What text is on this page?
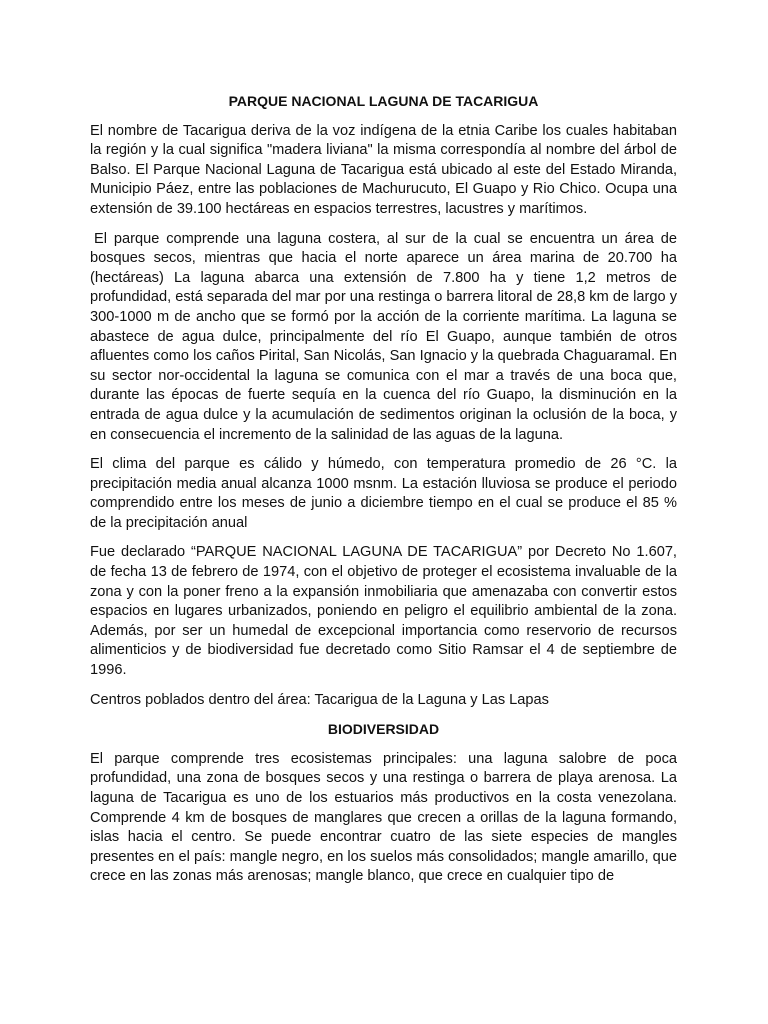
PARQUE NACIONAL LAGUNA DE TACARIGUA

El nombre de Tacarigua deriva de la voz indígena de la etnia Caribe los cuales habitaban la región y la cual significa "madera liviana" la misma correspondía al nombre del árbol de Balso. El Parque Nacional Laguna de Tacarigua está ubicado al este del Estado Miranda, Municipio Páez, entre las poblaciones de Machurucuto, El Guapo y Rio Chico. Ocupa una extensión de 39.100 hectáreas en espacios terrestres, lacustres y marítimos.

El parque comprende una laguna costera, al sur de la cual se encuentra un área de bosques secos, mientras que hacia el norte aparece un área marina de 20.700 ha (hectáreas) La laguna abarca una extensión de 7.800 ha y tiene 1,2 metros de profundidad, está separada del mar por una restinga o barrera litoral de 28,8 km de largo y 300-1000 m de ancho que se formó por la acción de la corriente marítima. La laguna se abastece de agua dulce, principalmente del río El Guapo, aunque también de otros afluentes como los caños Pirital, San Nicolás, San Ignacio y la quebrada Chaguaramal. En su sector nor-occidental la laguna se comunica con el mar a través de una boca que, durante las épocas de fuerte sequía en la cuenca del río Guapo, la disminución en la entrada de agua dulce y la acumulación de sedimentos originan la oclusión de la boca, y en consecuencia el incremento de la salinidad de las aguas de la laguna.

El clima del parque es cálido y húmedo, con temperatura promedio de 26 °C. la precipitación media anual alcanza 1000 msnm. La estación lluviosa se produce el periodo comprendido entre los meses de junio a diciembre tiempo en el cual se produce el 85 % de la precipitación anual

Fue declarado “PARQUE NACIONAL LAGUNA DE TACARIGUA” por Decreto No 1.607, de fecha 13 de febrero de 1974, con el objetivo de proteger el ecosistema invaluable de la zona y con la poner freno a la expansión inmobiliaria que amenazaba con convertir estos espacios en lugares urbanizados, poniendo en peligro el equilibrio ambiental de la zona. Además, por ser un humedal de excepcional importancia como reservorio de recursos alimenticios y de biodiversidad fue decretado como Sitio Ramsar el 4 de septiembre de 1996.

Centros poblados dentro del área: Tacarigua de la Laguna y Las Lapas

BIODIVERSIDAD

El parque comprende tres ecosistemas principales: una laguna salobre de poca profundidad, una zona de bosques secos y una restinga o barrera de playa arenosa. La laguna de Tacarigua es uno de los estuarios más productivos en la costa venezolana. Comprende 4 km de bosques de manglares que crecen a orillas de la laguna formando, islas hacia el centro. Se puede encontrar cuatro de las siete especies de mangles presentes en el país: mangle negro, en los suelos más consolidados; mangle amarillo, que crece en las zonas más arenosas; mangle blanco, que crece en cualquier tipo de
